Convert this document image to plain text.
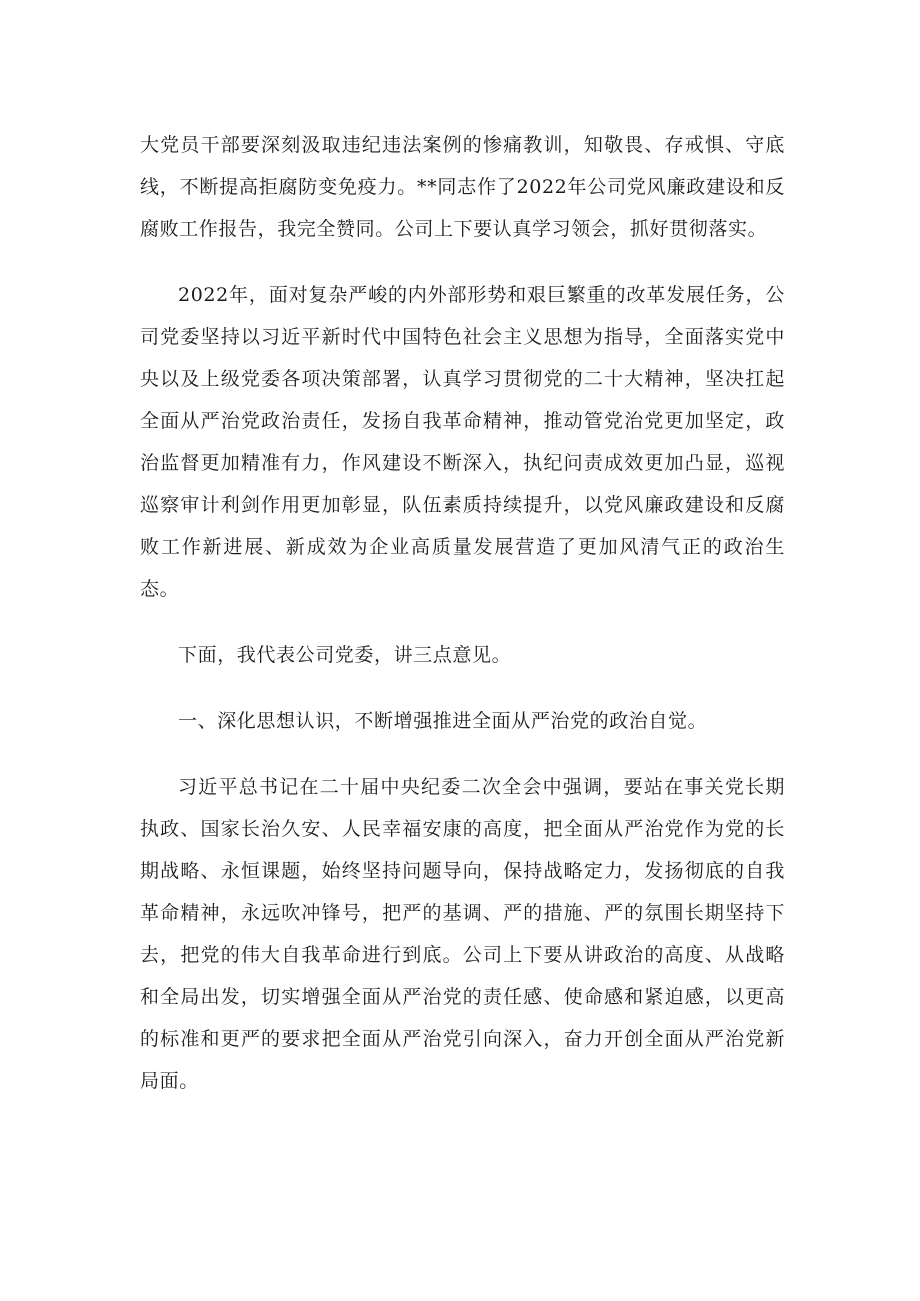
大党员干部要深刻汲取违纪违法案例的惨痛教训，知敬畏、存戒惧、守底线，不断提高拒腐防变免疫力。**同志作了2022年公司党风廉政建设和反腐败工作报告，我完全赞同。公司上下要认真学习领会，抓好贯彻落实。

2022年，面对复杂严峻的内外部形势和艰巨繁重的改革发展任务，公司党委坚持以习近平新时代中国特色社会主义思想为指导，全面落实党中央以及上级党委各项决策部署，认真学习贯彻党的二十大精神，坚决扛起全面从严治党政治责任，发扬自我革命精神，推动管党治党更加坚定，政治监督更加精准有力，作风建设不断深入，执纪问责成效更加凸显，巡视巡察审计利剑作用更加彰显，队伍素质持续提升，以党风廉政建设和反腐败工作新进展、新成效为企业高质量发展营造了更加风清气正的政治生态。

下面，我代表公司党委，讲三点意见。

一、深化思想认识，不断增强推进全面从严治党的政治自觉。

习近平总书记在二十届中央纪委二次全会中强调，要站在事关党长期执政、国家长治久安、人民幸福安康的高度，把全面从严治党作为党的长期战略、永恒课题，始终坚持问题导向，保持战略定力，发扬彻底的自我革命精神，永远吹冲锋号，把严的基调、严的措施、严的氛围长期坚持下去，把党的伟大自我革命进行到底。公司上下要从讲政治的高度、从战略和全局出发，切实增强全面从严治党的责任感、使命感和紧迫感，以更高的标准和更严的要求把全面从严治党引向深入，奋力开创全面从严治党新局面。
